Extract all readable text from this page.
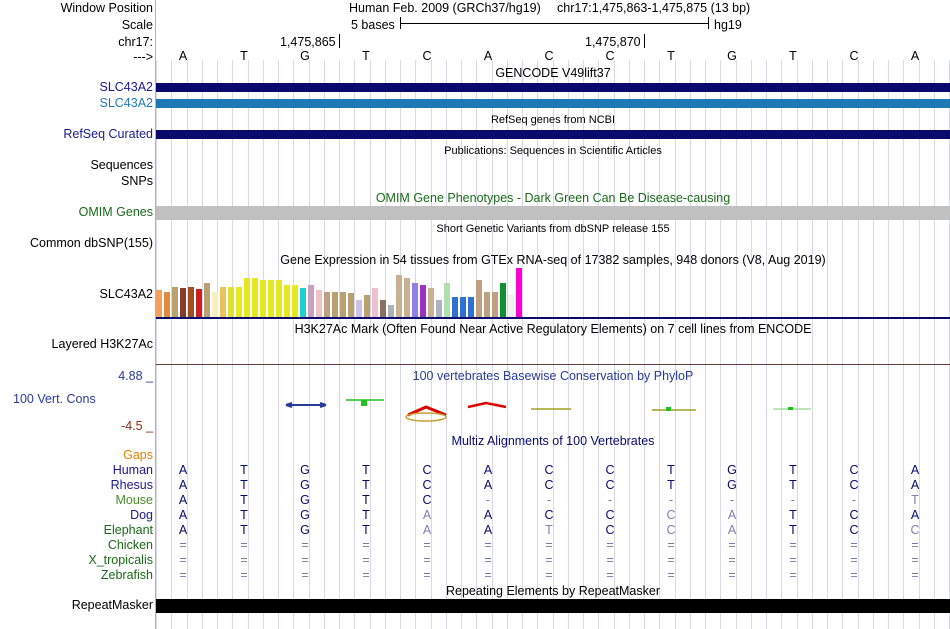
Window Position	Human Feb. 2009 (GRCh37/hg19) chr17:1,475,863-1,475,875 (13 bp)
Scale	5 bases	hg19
chr17:	1,475,865	1,475,870
---> A	T	G	T	C	A	C	C	T	G	T	C	A
GENCODE V49lift37
SLC43A2
SLC43A2
RefSeq genes from NCBI
RefSeq Curated
Publications: Sequences in Scientific Articles
Sequences
SNPs
OMIM Gene Phenotypes - Dark Green Can Be Disease-causing
OMIM Genes
Short Genetic Variants from dbSNP release 155
Common dbSNP(155)
Gene Expression in 54 tissues from GTEx RNA-seq of 17382 samples, 948 donors (V8, Aug 2019)
SLC43A2
H3K27Ac Mark (Often Found Near Active Regulatory Elements) on 7 cell lines from ENCODE
Layered H3K27Ac
4.88 _	100 vertebrates Basewise Conservation by PhyloP
100 Vert. Cons
-4.5 _
Multiz Alignments of 100 Vertebrates
Gaps
Human A	T	G	T	C	A	C	C	T	G	T	C	A
Rhesus A	T	G	T	C	A	C	C	T	G	T	C	A
Mouse A	T	G	T	C	-	-	-	-	-	-	-	T
Dog A	T	G	T	A	A	C	C	C	A	T	C	A
Elephant A	T	G	T	A	A	T	C	C	A	T	C	C
Chicken =	=	=	=	=	=	=	=	=	=	=	=	=
X_tropicalis =	=	=	=	=	=	=	=	=	=	=	=	=
Zebrafish =	=	=	=	=	=	=	=	=	=	=	=	=
Repeating Elements by RepeatMasker
RepeatMasker
